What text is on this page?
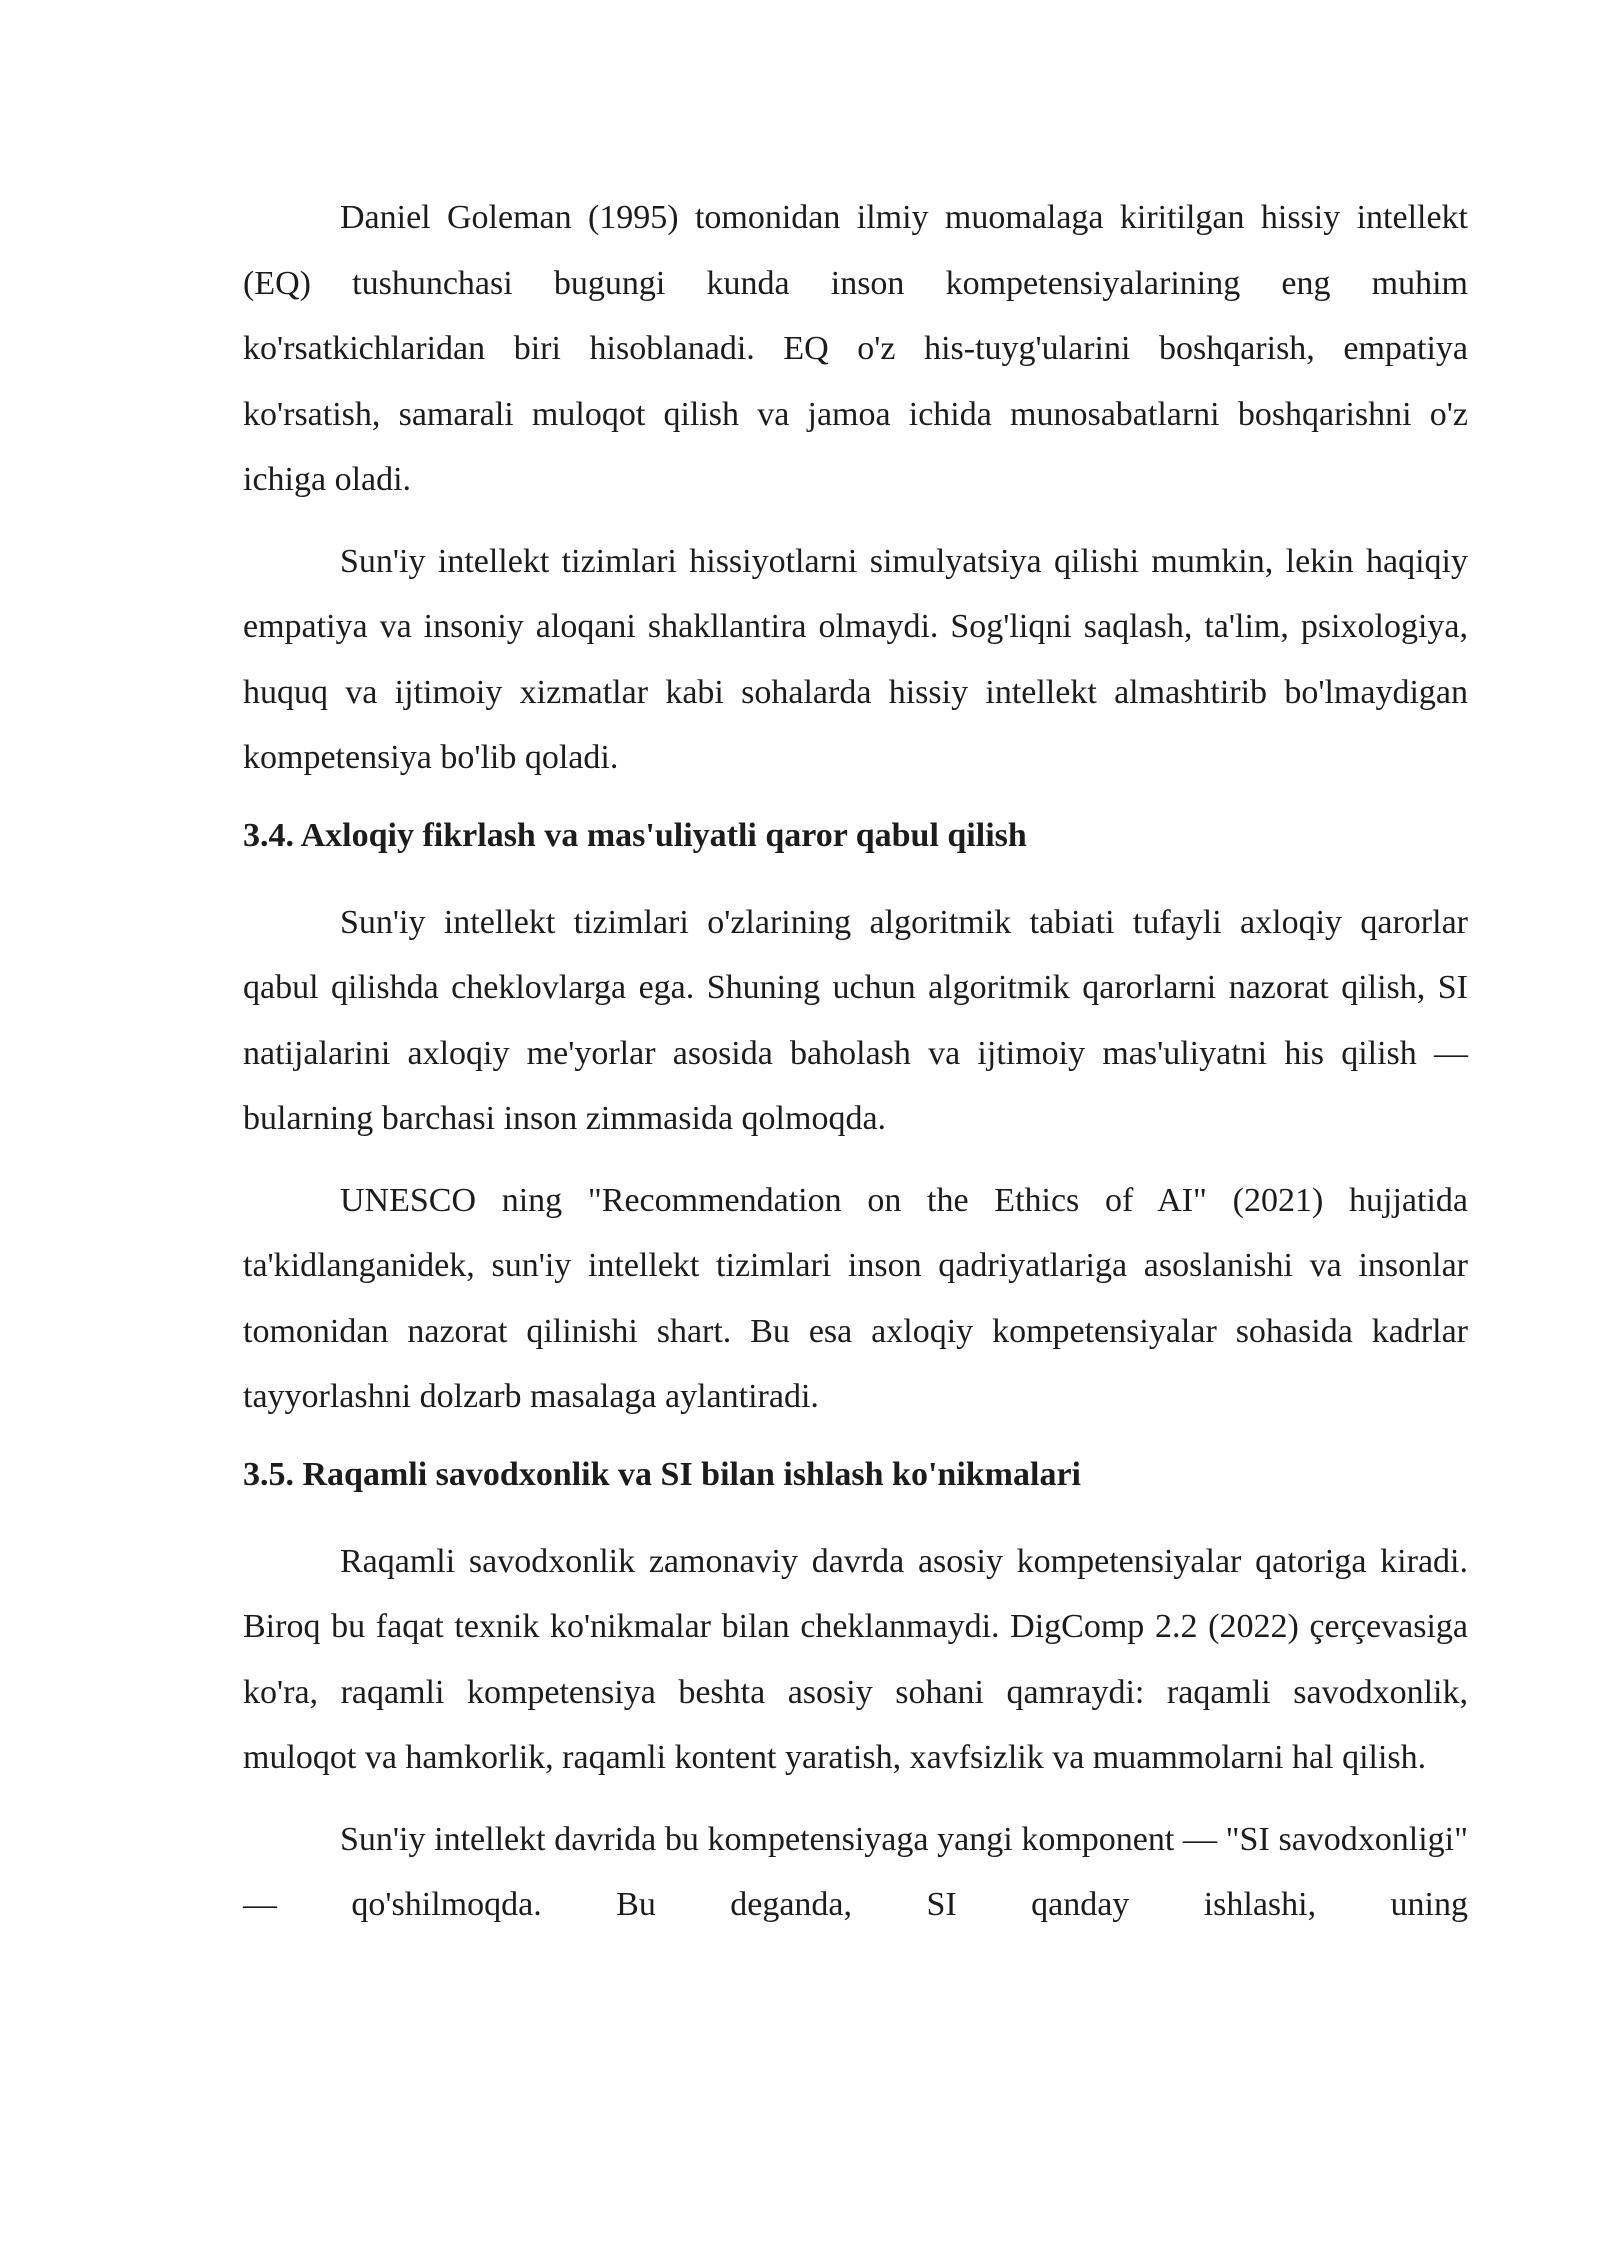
Daniel Goleman (1995) tomonidan ilmiy muomalaga kiritilgan hissiy intellekt (EQ) tushunchasi bugungi kunda inson kompetensiyalarining eng muhim ko'rsatkichlaridan biri hisoblanadi. EQ o'z his-tuyg'ularini boshqarish, empatiya ko'rsatish, samarali muloqot qilish va jamoa ichida munosabatlarni boshqarishni o'z ichiga oladi.

Sun'iy intellekt tizimlari hissiyotlarni simulyatsiya qilishi mumkin, lekin haqiqiy empatiya va insoniy aloqani shakllantira olmaydi. Sog'liqni saqlash, ta'lim, psixologiya, huquq va ijtimoiy xizmatlar kabi sohalarda hissiy intellekt almashtirib bo'lmaydigan kompetensiya bo'lib qoladi.

3.4. Axloqiy fikrlash va mas'uliyatli qaror qabul qilish

Sun'iy intellekt tizimlari o'zlarining algoritmik tabiati tufayli axloqiy qarorlar qabul qilishda cheklovlarga ega. Shuning uchun algoritmik qarorlarni nazorat qilish, SI natijalarini axloqiy me'yorlar asosida baholash va ijtimoiy mas'uliyatni his qilish — bularning barchasi inson zimmasida qolmoqda.

UNESCO ning "Recommendation on the Ethics of AI" (2021) hujjatida ta'kidlanganidek, sun'iy intellekt tizimlari inson qadriyatlariga asoslanishi va insonlar tomonidan nazorat qilinishi shart. Bu esa axloqiy kompetensiyalar sohasida kadrlar tayyorlashni dolzarb masalaga aylantiradi.

3.5. Raqamli savodxonlik va SI bilan ishlash ko'nikmalari

Raqamli savodxonlik zamonaviy davrda asosiy kompetensiyalar qatoriga kiradi. Biroq bu faqat texnik ko'nikmalar bilan cheklanmaydi. DigComp 2.2 (2022) çerçevasiga ko'ra, raqamli kompetensiya beshta asosiy sohani qamraydi: raqamli savodxonlik, muloqot va hamkorlik, raqamli kontent yaratish, xavfsizlik va muammolarni hal qilish.

Sun'iy intellekt davrida bu kompetensiyaga yangi komponent — "SI savodxonligi" — qo'shilmoqda. Bu deganda, SI qanday ishlashi, uning
